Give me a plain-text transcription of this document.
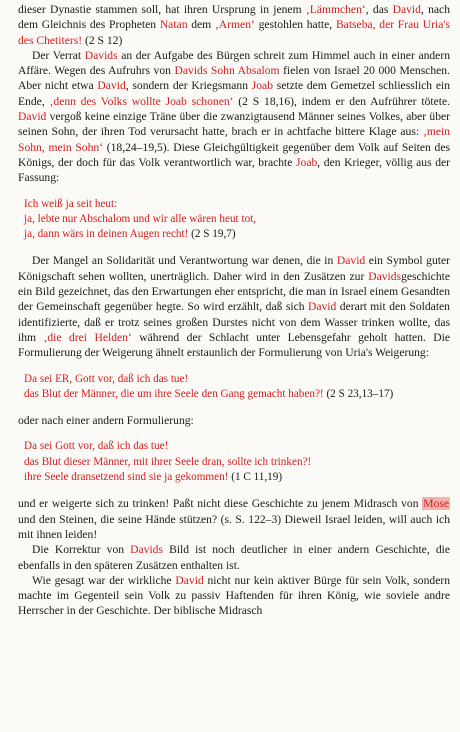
dieser Dynastie stammen soll, hat ihren Ursprung in jenem ‚Lämmchen‘, das David, nach dem Gleichnis des Propheten Natan dem ‚Armen‘ gestohlen hatte, Batseba, der Frau Uria's des Chetiters! (2 S 12)

Der Verrat Davids an der Aufgabe des Bürgen schreit zum Himmel auch in einer andern Affäre. Wegen des Aufruhrs von Davids Sohn Absalom fielen von Israel 20 000 Menschen. Aber nicht etwa David, sondern der Kriegsmann Joab setzte dem Gemetzel schliesslich ein Ende, ‚denn des Volks wollte Joab schonen‘ (2 S 18,16), indem er den Aufrührer tötete. David vergoß keine einzige Träne über die zwanzigtausend Männer seines Volkes, aber über seinen Sohn, der ihren Tod verursacht hatte, brach er in achtfache bittere Klage aus: ‚mein Sohn, mein Sohn‘ (18,24–19,5). Diese Gleichgültigkeit gegenüber dem Volk auf Seiten des Königs, der doch für das Volk verantwortlich war, brachte Joab, den Krieger, völlig aus der Fassung:

Ich weiß ja seit heut:
ja, lebte nur Abschalom und wir alle wären heut tot,
ja, dann wärs in deinen Augen recht! (2 S 19,7)

Der Mangel an Solidarität und Verantwortung war denen, die in David ein Symbol guter Königschaft sehen wollten, unerträglich. Daher wird in den Zusätzen zur Davidsgeschichte ein Bild gezeichnet, das den Erwartungen eher entspricht, die man in Israel einem Gesandten der Gemeinschaft gegenüber hegte. So wird erzählt, daß sich David derart mit den Soldaten identifizierte, daß er trotz seines großen Durstes nicht von dem Wasser trinken wollte, das ihm ‚die drei Helden‘ während der Schlacht unter Lebensgefahr geholt hatten. Die Formulierung der Weigerung ähnelt erstaunlich der Formulierung von Uria's Weigerung:

Da sei ER, Gott vor, daß ich das tue!
das Blut der Männer, die um ihre Seele den Gang gemacht haben?! (2 S 23,13–17)

oder nach einer andern Formulierung:

Da sei Gott vor, daß ich das tue!
das Blut dieser Männer, mit ihrer Seele dran, sollte ich trinken?!
ihre Seele dransetzend sind sie ja gekommen! (1 C 11,19)

und er weigerte sich zu trinken! Paßt nicht diese Geschichte zu jenem Midrasch von Mose und den Steinen, die seine Hände stützen? (s. S. 122–3) Dieweil Israel leiden, will auch ich mit ihnen leiden!

Die Korrektur von Davids Bild ist noch deutlicher in einer andern Geschichte, die ebenfalls in den späteren Zusätzen enthalten ist.

Wie gesagt war der wirkliche David nicht nur kein aktiver Bürge für sein Volk, sondern machte im Gegenteil sein Volk zu passiv Haftenden für ihren König, wie soviele andre Herrscher in der Geschichte. Der biblische Midrasch
